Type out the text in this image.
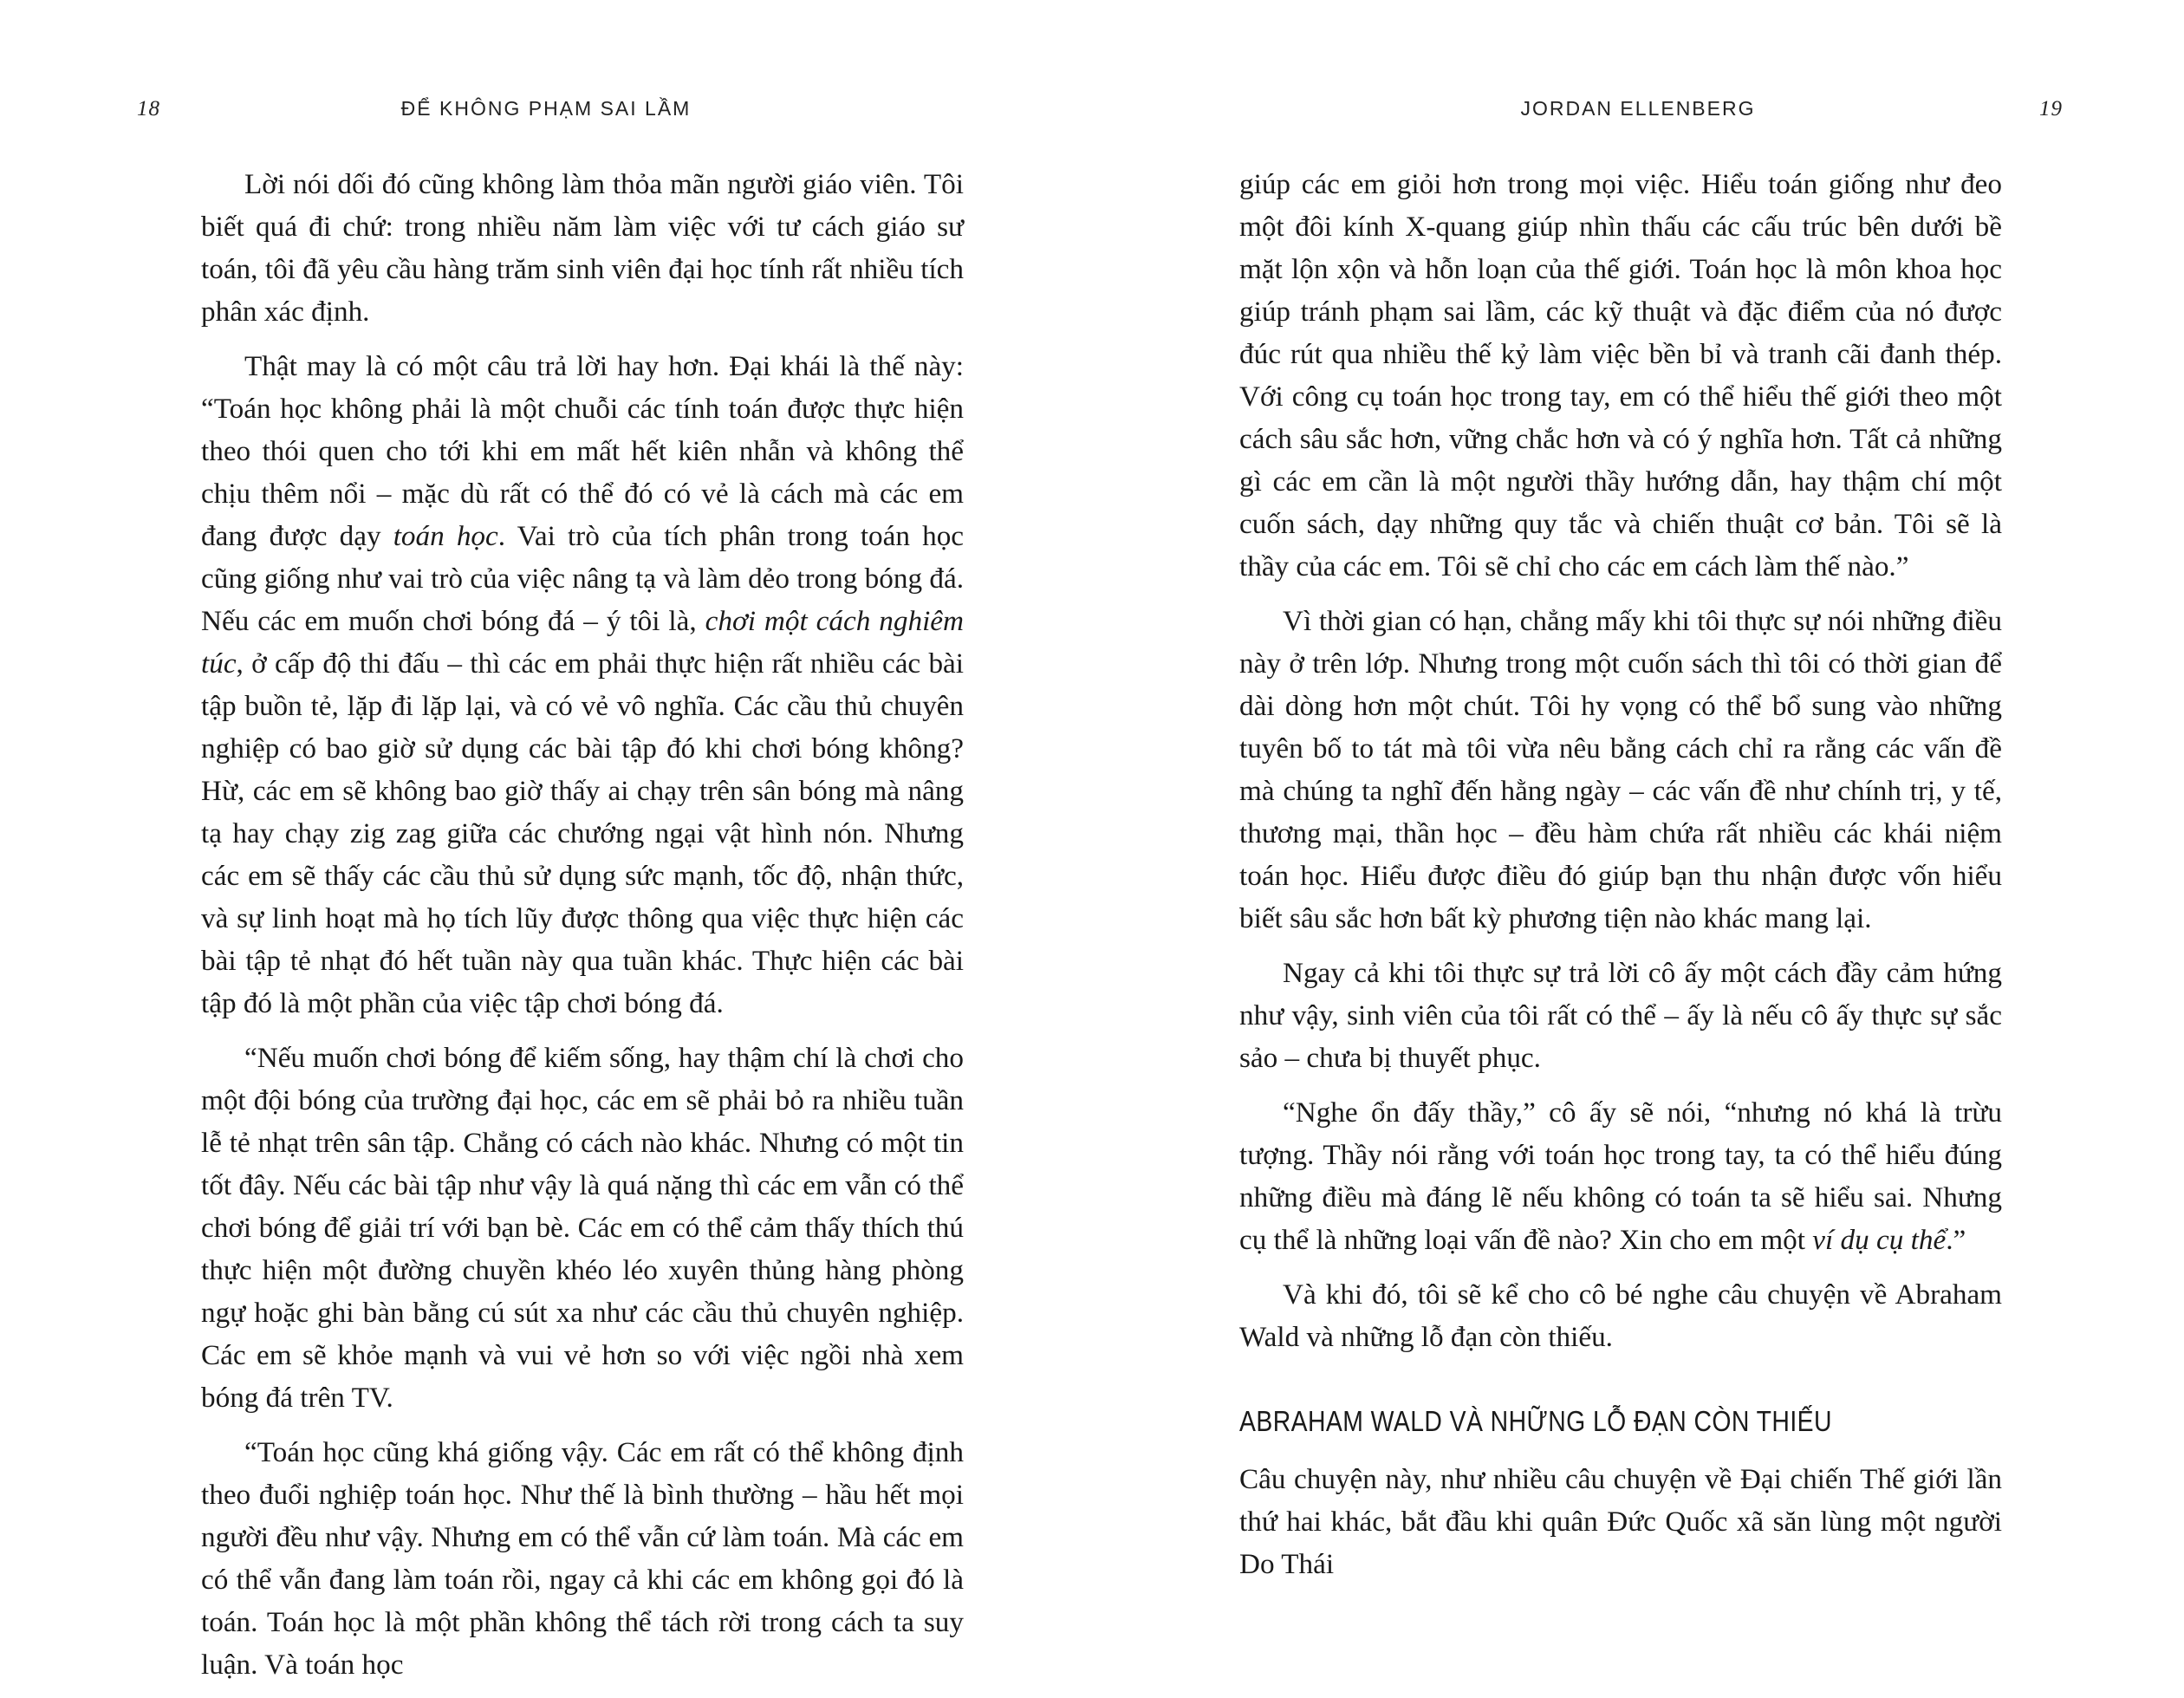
18	ĐỂ KHÔNG PHẠM SAI LẦM

Lời nói dối đó cũng không làm thỏa mãn người giáo viên. Tôi biết quá đi chứ: trong nhiều năm làm việc với tư cách giáo sư toán, tôi đã yêu cầu hàng trăm sinh viên đại học tính rất nhiều tích phân xác định.

Thật may là có một câu trả lời hay hơn. Đại khái là thế này: “Toán học không phải là một chuỗi các tính toán được thực hiện theo thói quen cho tới khi em mất hết kiên nhẫn và không thể chịu thêm nổi – mặc dù rất có thể đó có vẻ là cách mà các em đang được dạy toán học. Vai trò của tích phân trong toán học cũng giống như vai trò của việc nâng tạ và làm dẻo trong bóng đá. Nếu các em muốn chơi bóng đá – ý tôi là, chơi một cách nghiêm túc, ở cấp độ thi đấu – thì các em phải thực hiện rất nhiều các bài tập buồn tẻ, lặp đi lặp lại, và có vẻ vô nghĩa. Các cầu thủ chuyên nghiệp có bao giờ sử dụng các bài tập đó khi chơi bóng không? Hừ, các em sẽ không bao giờ thấy ai chạy trên sân bóng mà nâng tạ hay chạy zig zag giữa các chướng ngại vật hình nón. Nhưng các em sẽ thấy các cầu thủ sử dụng sức mạnh, tốc độ, nhận thức, và sự linh hoạt mà họ tích lũy được thông qua việc thực hiện các bài tập tẻ nhạt đó hết tuần này qua tuần khác. Thực hiện các bài tập đó là một phần của việc tập chơi bóng đá.

“Nếu muốn chơi bóng để kiếm sống, hay thậm chí là chơi cho một đội bóng của trường đại học, các em sẽ phải bỏ ra nhiều tuần lễ tẻ nhạt trên sân tập. Chẳng có cách nào khác. Nhưng có một tin tốt đây. Nếu các bài tập như vậy là quá nặng thì các em vẫn có thể chơi bóng để giải trí với bạn bè. Các em có thể cảm thấy thích thú thực hiện một đường chuyền khéo léo xuyên thủng hàng phòng ngự hoặc ghi bàn bằng cú sút xa như các cầu thủ chuyên nghiệp. Các em sẽ khỏe mạnh và vui vẻ hơn so với việc ngồi nhà xem bóng đá trên TV.

“Toán học cũng khá giống vậy. Các em rất có thể không định theo đuổi nghiệp toán học. Như thế là bình thường – hầu hết mọi người đều như vậy. Nhưng em có thể vẫn cứ làm toán. Mà các em có thể vẫn đang làm toán rồi, ngay cả khi các em không gọi đó là toán. Toán học là một phần không thể tách rời trong cách ta suy luận. Và toán học

JORDAN ELLENBERG	19

giúp các em giỏi hơn trong mọi việc. Hiểu toán giống như đeo một đôi kính X-quang giúp nhìn thấu các cấu trúc bên dưới bề mặt lộn xộn và hỗn loạn của thế giới. Toán học là môn khoa học giúp tránh phạm sai lầm, các kỹ thuật và đặc điểm của nó được đúc rút qua nhiều thế kỷ làm việc bền bỉ và tranh cãi đanh thép. Với công cụ toán học trong tay, em có thể hiểu thế giới theo một cách sâu sắc hơn, vững chắc hơn và có ý nghĩa hơn. Tất cả những gì các em cần là một người thầy hướng dẫn, hay thậm chí một cuốn sách, dạy những quy tắc và chiến thuật cơ bản. Tôi sẽ là thầy của các em. Tôi sẽ chỉ cho các em cách làm thế nào.”

Vì thời gian có hạn, chẳng mấy khi tôi thực sự nói những điều này ở trên lớp. Nhưng trong một cuốn sách thì tôi có thời gian để dài dòng hơn một chút. Tôi hy vọng có thể bổ sung vào những tuyên bố to tát mà tôi vừa nêu bằng cách chỉ ra rằng các vấn đề mà chúng ta nghĩ đến hằng ngày – các vấn đề như chính trị, y tế, thương mại, thần học – đều hàm chứa rất nhiều các khái niệm toán học. Hiểu được điều đó giúp bạn thu nhận được vốn hiểu biết sâu sắc hơn bất kỳ phương tiện nào khác mang lại.

Ngay cả khi tôi thực sự trả lời cô ấy một cách đầy cảm hứng như vậy, sinh viên của tôi rất có thể – ấy là nếu cô ấy thực sự sắc sảo – chưa bị thuyết phục.

“Nghe ổn đấy thầy,” cô ấy sẽ nói, “nhưng nó khá là trừu tượng. Thầy nói rằng với toán học trong tay, ta có thể hiểu đúng những điều mà đáng lẽ nếu không có toán ta sẽ hiểu sai. Nhưng cụ thể là những loại vấn đề nào? Xin cho em một ví dụ cụ thể.”

Và khi đó, tôi sẽ kể cho cô bé nghe câu chuyện về Abraham Wald và những lỗ đạn còn thiếu.

ABRAHAM WALD VÀ NHỮNG LỖ ĐẠN CÒN THIẾU

Câu chuyện này, như nhiều câu chuyện về Đại chiến Thế giới lần thứ hai khác, bắt đầu khi quân Đức Quốc xã săn lùng một người Do Thái
